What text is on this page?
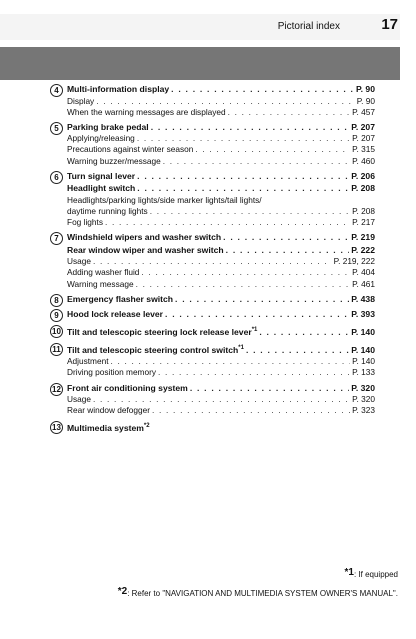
Pictorial index	17
4 Multi-information display . . .	P. 90
Display . . .	P. 90
When the warning messages are displayed . . .	P. 457
5 Parking brake pedal . . .	P. 207
Applying/releasing . . .	P. 207
Precautions against winter season . . .	P. 315
Warning buzzer/message . . .	P. 460
6 Turn signal lever . . .	P. 206
Headlight switch . . .	P. 208
Headlights/parking lights/side marker lights/tail lights/
daytime running lights . . .	P. 208
Fog lights . . .	P. 217
7 Windshield wipers and washer switch . . .	P. 219
Rear window wiper and washer switch . . .	P. 222
Usage . . .	P. 219, 222
Adding washer fluid . . .	P. 404
Warning message . . .	P. 461
8 Emergency flasher switch . . .	P. 438
9 Hood lock release lever . . .	P. 393
10 Tilt and telescopic steering lock release lever$^{*1}$ . . .	P. 140
11 Tilt and telescopic steering control switch$^{*1}$ . . .	P. 140
Adjustment . . .	P. 140
Driving position memory . . .	P. 133
12 Front air conditioning system . . .	P. 320
Usage . . .	P. 320
Rear window defogger . . .	P. 323
13 Multimedia system$^{*2}$
*1: If equipped
*2: Refer to "NAVIGATION AND MULTIMEDIA SYSTEM OWNER'S MANUAL".
